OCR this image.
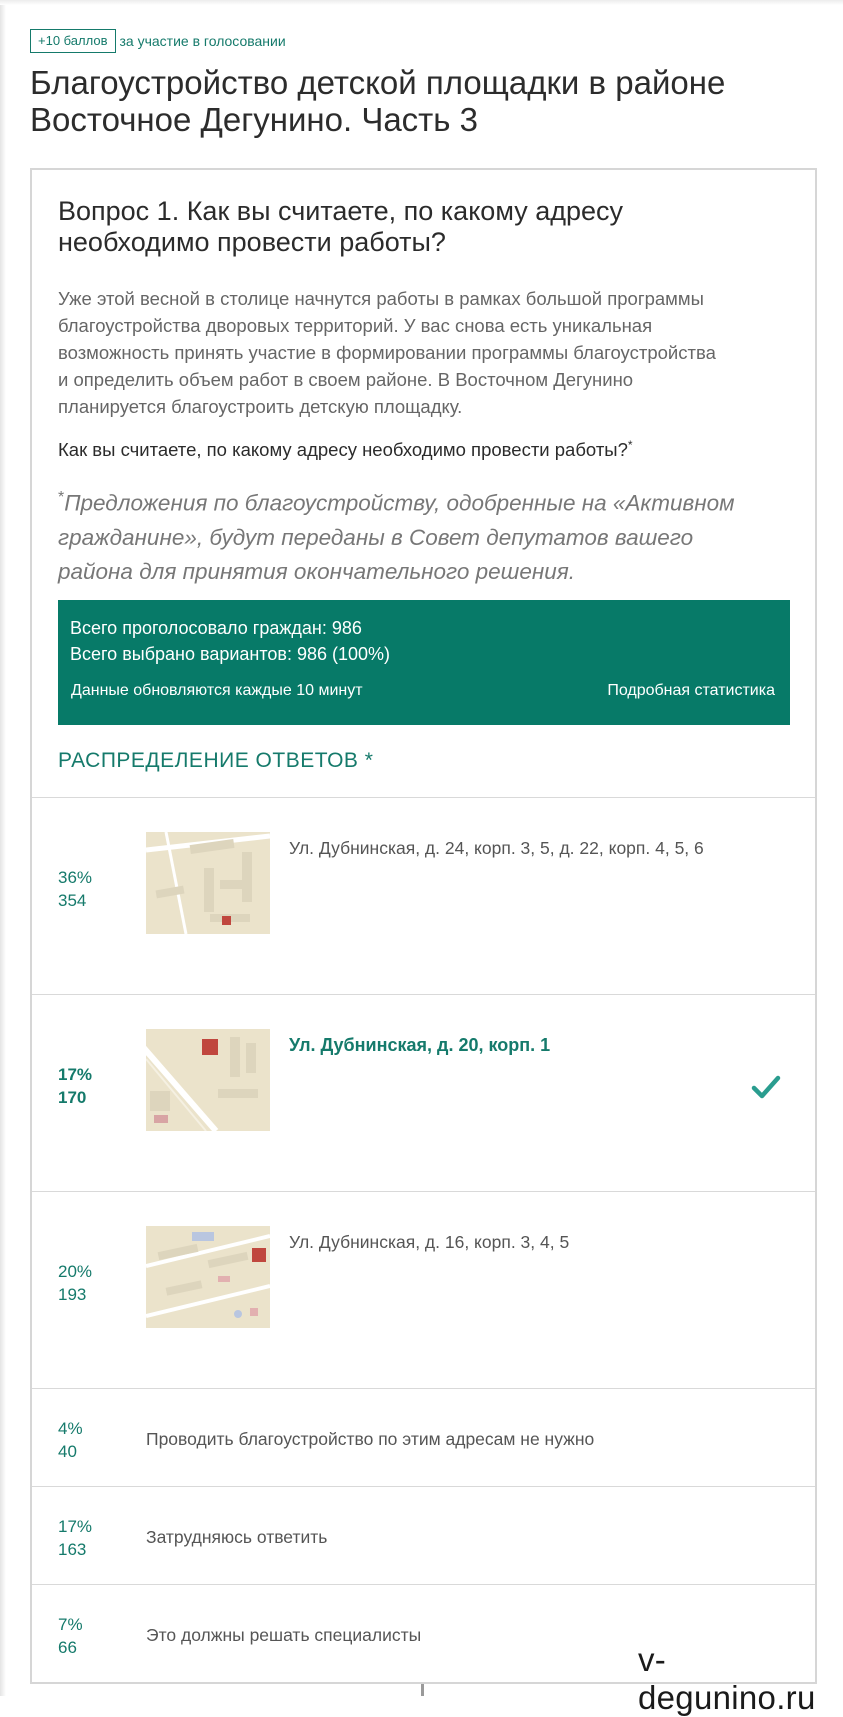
+10 баллов за участие в голосовании
Благоустройство детской площадки в районе
Восточное Дегунино. Часть 3
Вопрос 1. Как вы считаете, по какому адресу
необходимо провести работы?

Уже этой весной в столице начнутся работы в рамках большой программы
благоустройства дворовых территорий. У вас снова есть уникальная
возможность принять участие в формировании программы благоустройства
и определить объем работ в своем районе. В Восточном Дегунино
планируется благоустроить детскую площадку.

Как вы считаете, по какому адресу необходимо провести работы?*

*Предложения по благоустройству, одобренные на «Активном
гражданине», будут переданы в Совет депутатов вашего
района для принятия окончательного решения.

Всего проголосовало граждан: 986
Всего выбрано вариантов: 986 (100%)
Данные обновляются каждые 10 минут	Подробная статистика
РАСПРЕДЕЛЕНИЕ ОТВЕТОВ *
36%
354
Ул. Дубнинская, д. 24, корп. 3, 5, д. 22, корп. 4, 5, 6
17%
170
Ул. Дубнинская, д. 20, корп. 1
20%
193
Ул. Дубнинская, д. 16, корп. 3, 4, 5
4%
40
Проводить благоустройство по этим адресам не нужно
17%
163
Затрудняюсь ответить
7%
66
Это должны решать специалисты
v-degunino.ru
